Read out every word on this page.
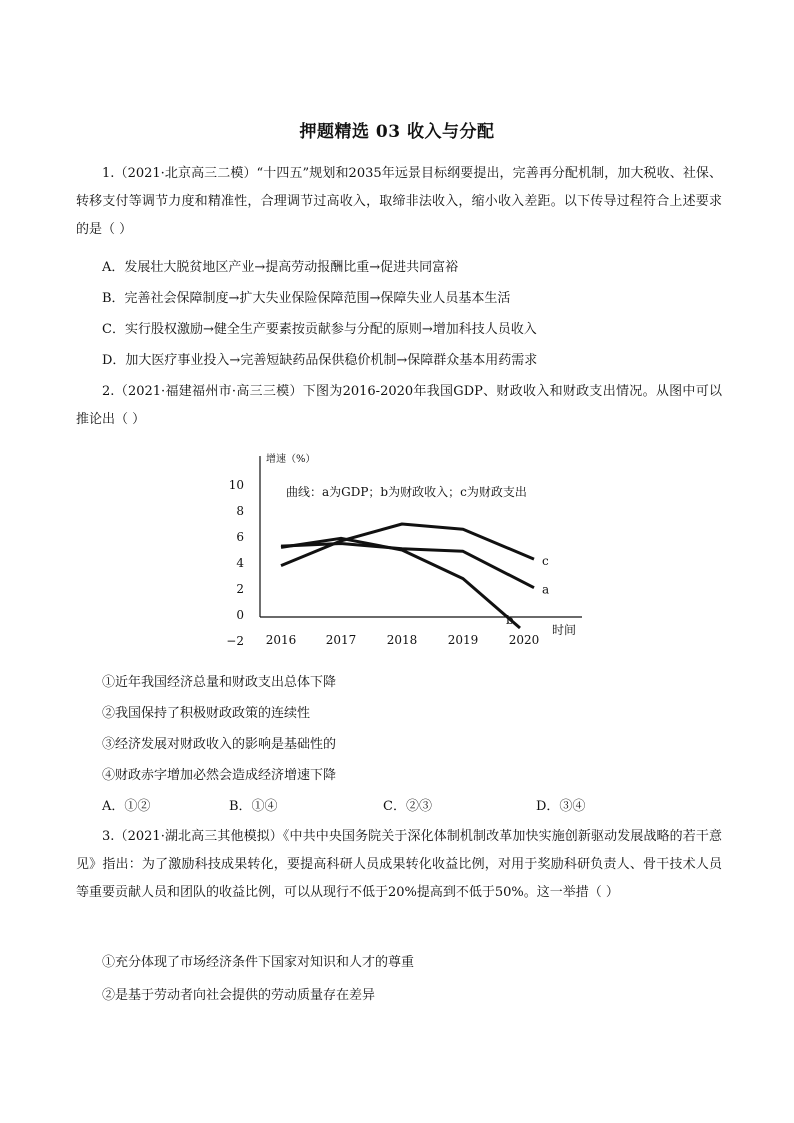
押题精选 03 收入与分配
1.（2021·北京高三二模）“十四五”规划和2035年远景目标纲要提出，完善再分配机制，加大税收、社保、转移支付等调节力度和精准性，合理调节过高收入，取缔非法收入，缩小收入差距。以下传导过程符合上述要求的是（ ）
A．发展壮大脱贫地区产业→提高劳动报酬比重→促进共同富裕
B．完善社会保障制度→扩大失业保险保障范围→保障失业人员基本生活
C．实行股权激励→健全生产要素按贡献参与分配的原则→增加科技人员收入
D．加大医疗事业投入→完善短缺药品保供稳价机制→保障群众基本用药需求
2.（2021·福建福州市·高三三模）下图为2016-2020年我国GDP、财政收入和财政支出情况。从图中可以推论出（ ）
增速（%）
时间
曲线：a为GDP；b为财政收入；c为财政支出
10
8
6
4
2
0
−2 2016 2017	2018	2019	2020
a
b
c
①近年我国经济总量和财政支出总体下降
②我国保持了积极财政政策的连续性
③经济发展对财政收入的影响是基础性的
④财政赤字增加必然会造成经济增速下降
A．①②	B．①④	C．②③	D．③④
3.（2021·湖北高三其他模拟）《中共中央国务院关于深化体制机制改革加快实施创新驱动发展战略的若干意见》指出：为了激励科技成果转化，要提高科研人员成果转化收益比例，对用于奖励科研负责人、骨干技术人员等重要贡献人员和团队的收益比例，可以从现行不低于20%提高到不低于50%。这一举措（ ）
①充分体现了市场经济条件下国家对知识和人才的尊重
②是基于劳动者向社会提供的劳动质量存在差异
